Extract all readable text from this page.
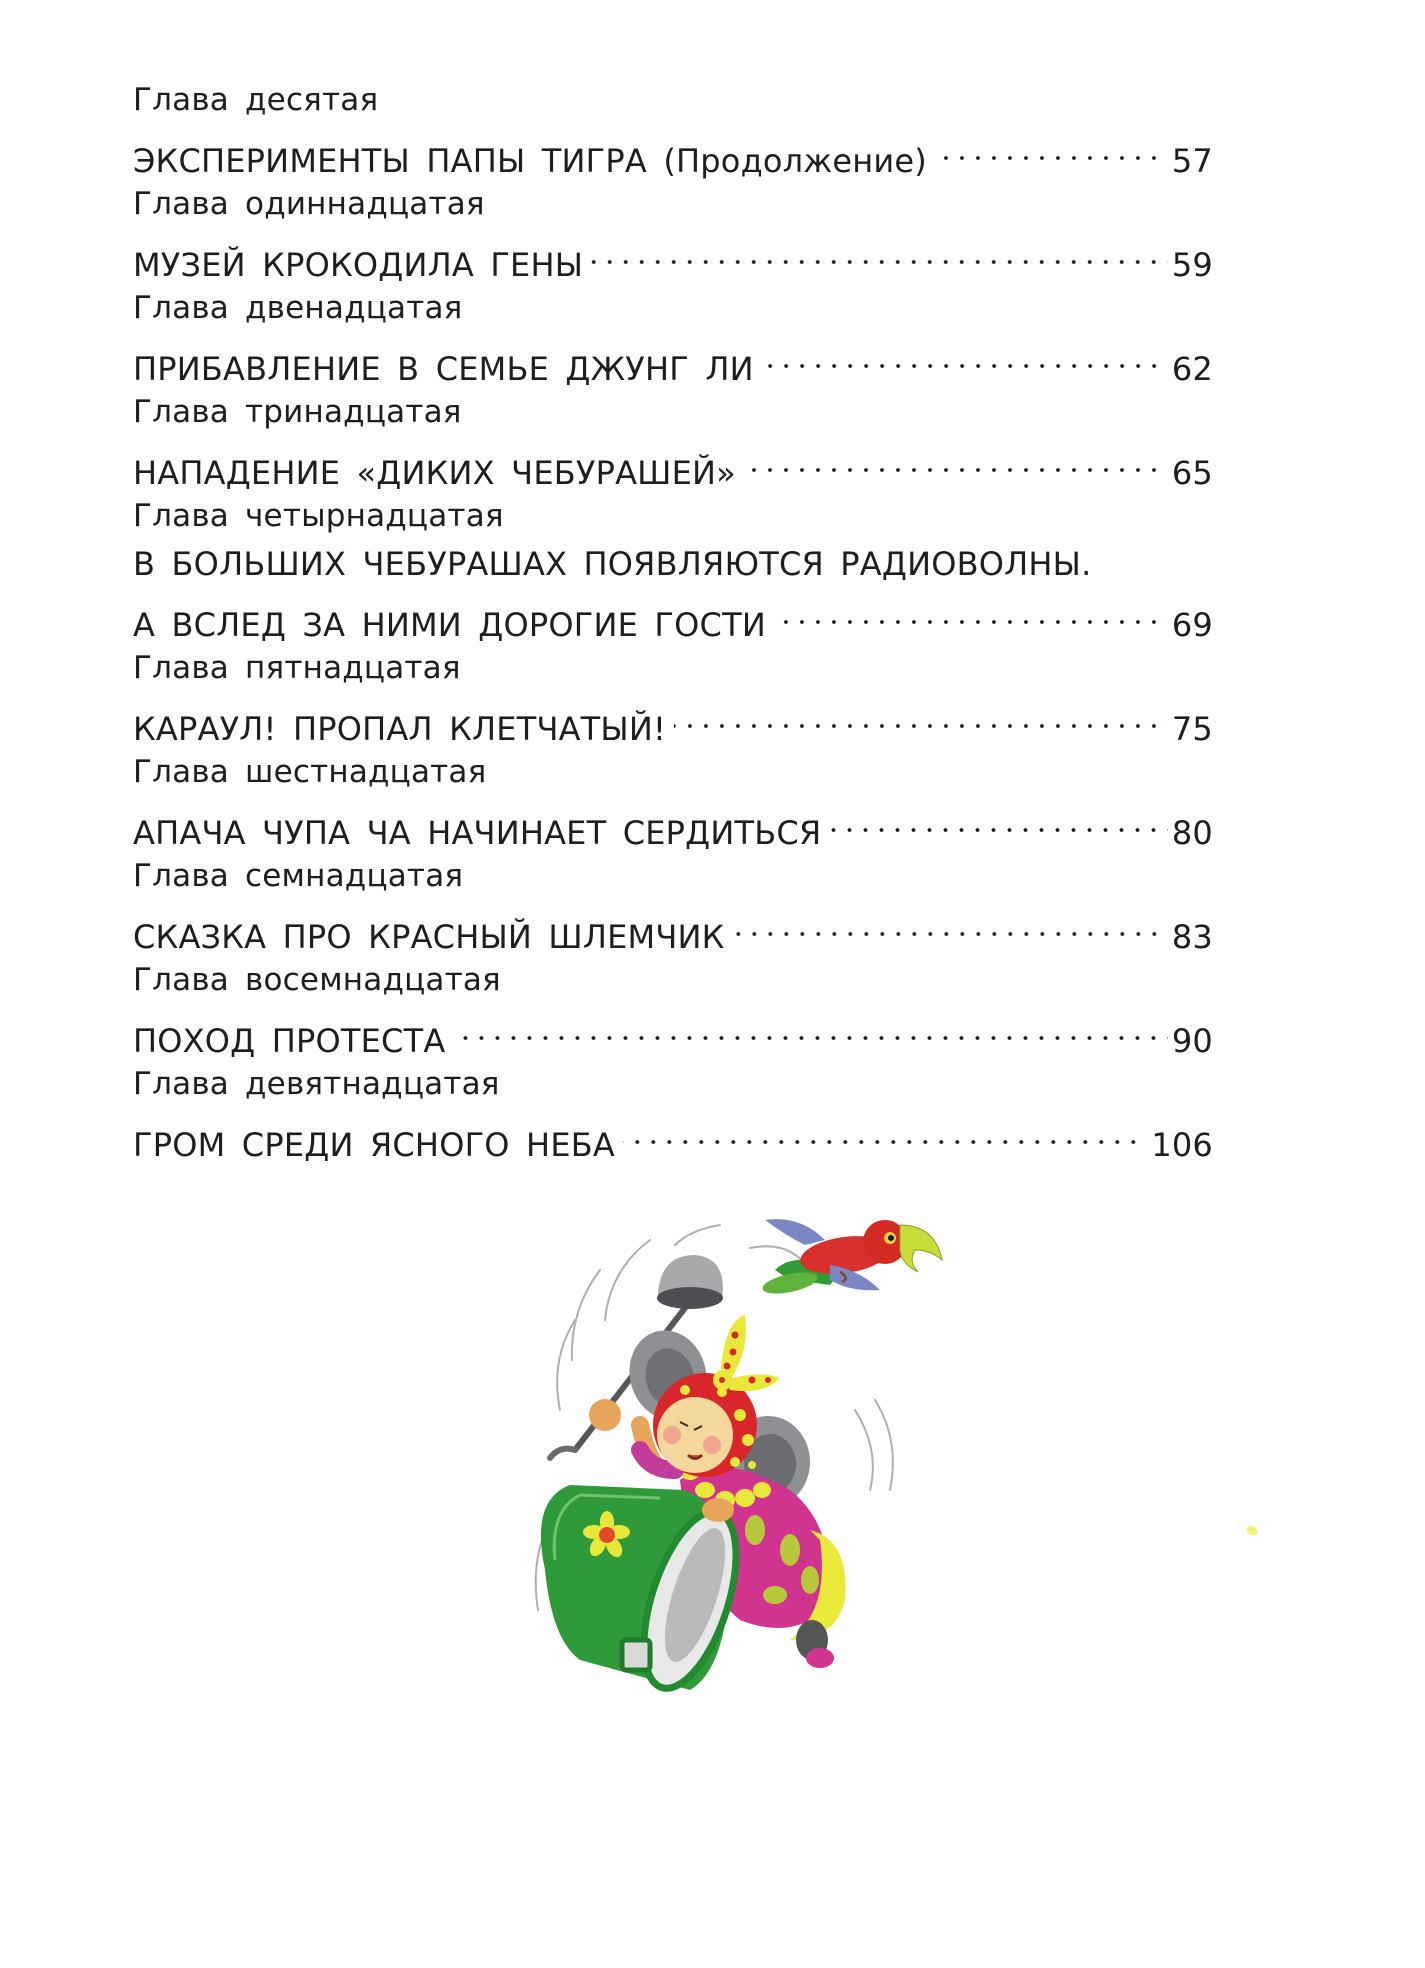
Глава десятая
ЭКСПЕРИМЕНТЫ ПАПЫ ТИГРА (Продолжение)	57
Глава одиннадцатая
МУЗЕЙ КРОКОДИЛА ГЕНЫ	59
Глава двенадцатая
ПРИБАВЛЕНИЕ В СЕМЬЕ ДЖУНГ ЛИ	62
Глава тринадцатая
НАПАДЕНИЕ «ДИКИХ ЧЕБУРАШЕЙ»	65
Глава четырнадцатая
В БОЛЬШИХ ЧЕБУРАШАХ ПОЯВЛЯЮТСЯ РАДИОВОЛНЫ.
А ВСЛЕД ЗА НИМИ ДОРОГИЕ ГОСТИ	69
Глава пятнадцатая
КАРАУЛ! ПРОПАЛ КЛЕТЧАТЫЙ!	75
Глава шестнадцатая
АПАЧА ЧУПА ЧА НАЧИНАЕТ СЕРДИТЬСЯ	80
Глава семнадцатая
СКАЗКА ПРО КРАСНЫЙ ШЛЕМЧИК	83
Глава восемнадцатая
ПОХОД ПРОТЕСТА	90
Глава девятнадцатая
ГРОМ СРЕДИ ЯСНОГО НЕБА	106
